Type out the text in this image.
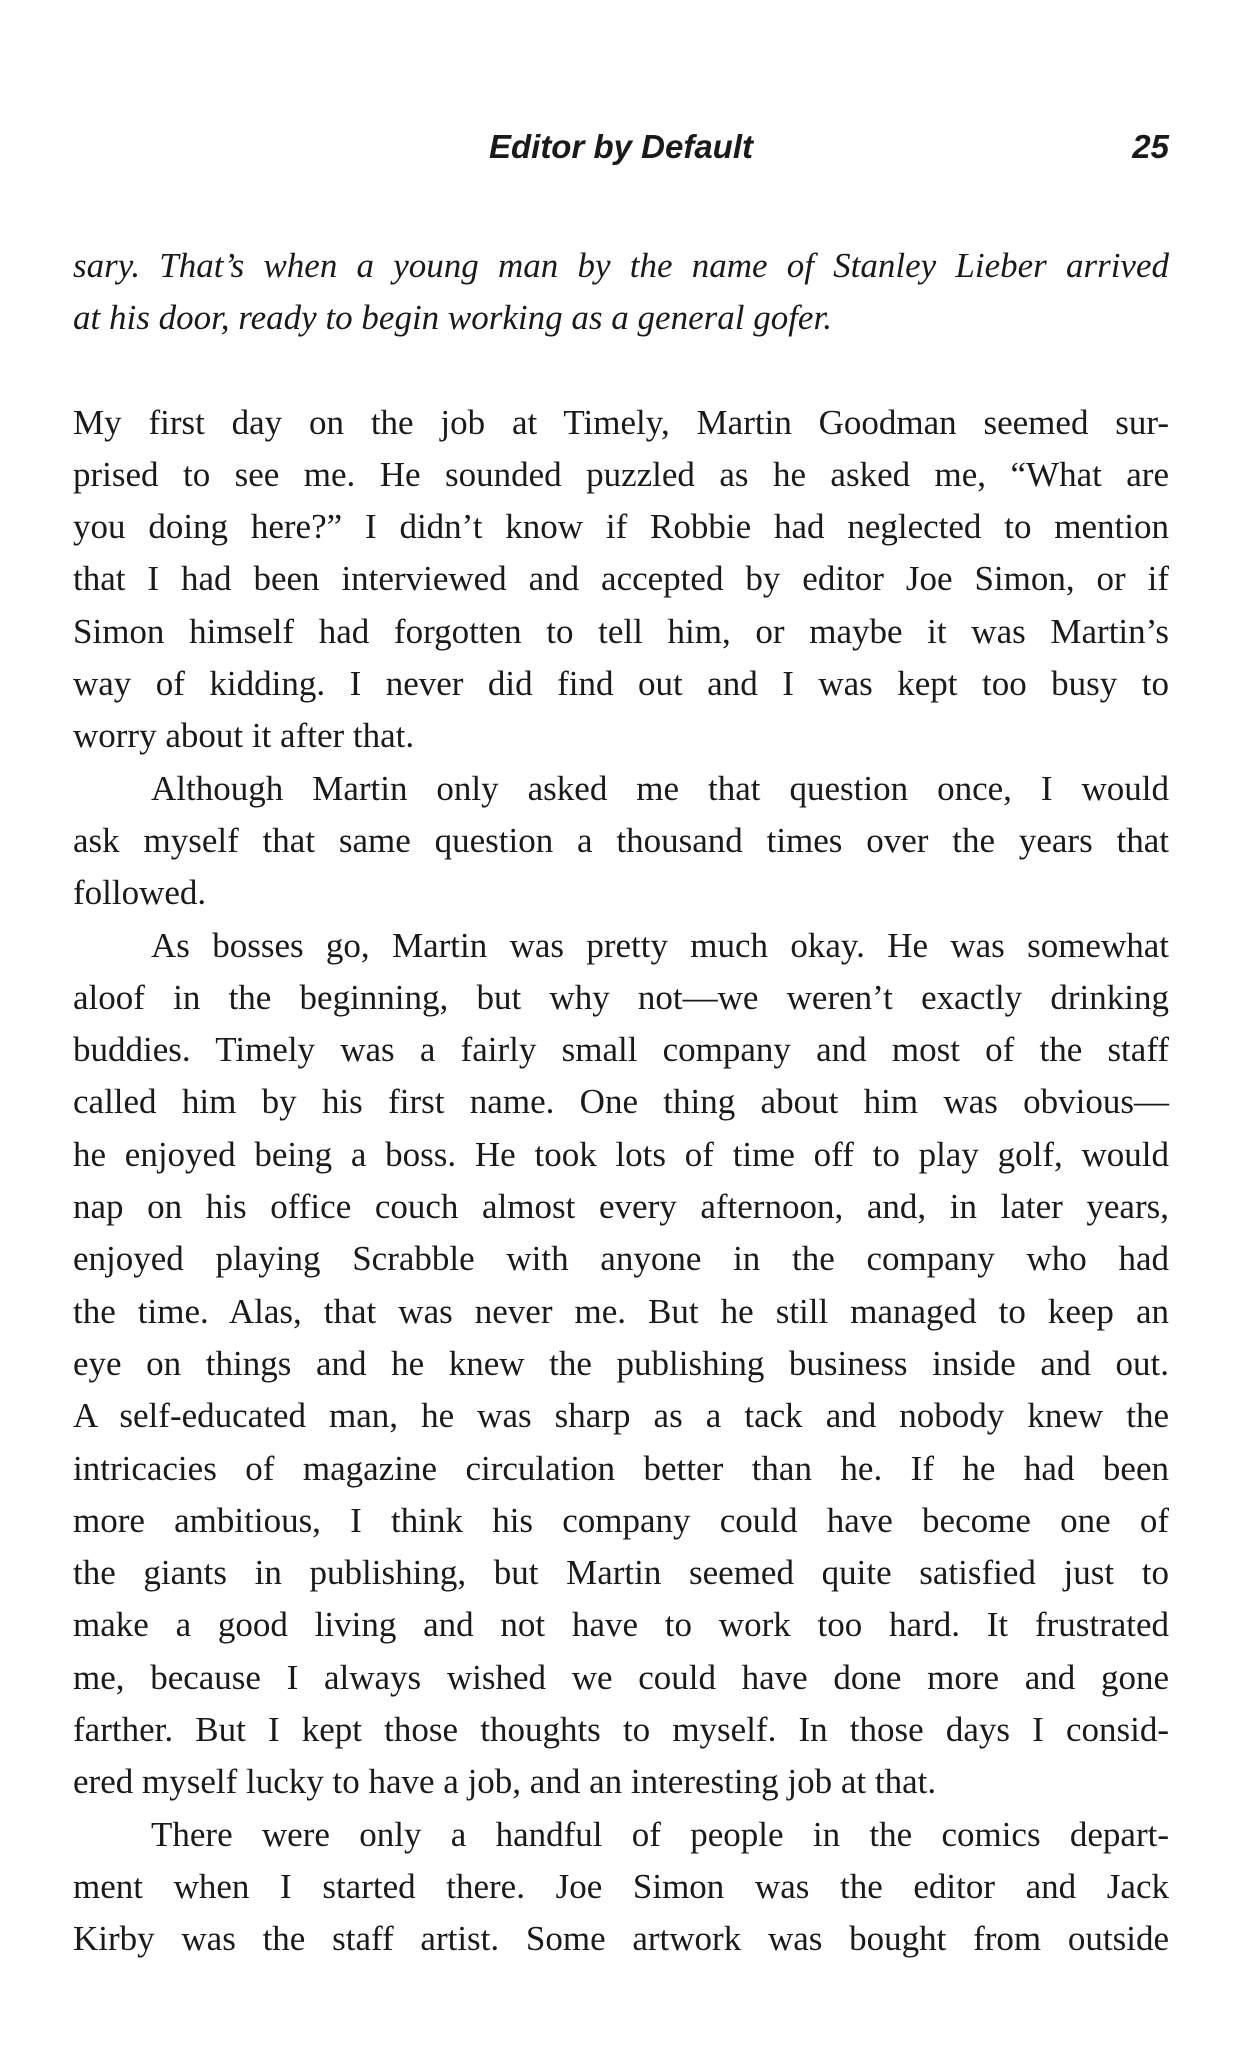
Editor by Default	25
sary. That’s when a young man by the name of Stanley Lieber arrived
at his door, ready to begin working as a general gofer.
My first day on the job at Timely, Martin Goodman seemed sur-
prised to see me. He sounded puzzled as he asked me, “What are
you doing here?” I didn’t know if Robbie had neglected to mention
that I had been interviewed and accepted by editor Joe Simon, or if
Simon himself had forgotten to tell him, or maybe it was Martin’s
way of kidding. I never did find out and I was kept too busy to
worry about it after that.
Although Martin only asked me that question once, I would
ask myself that same question a thousand times over the years that
followed.
As bosses go, Martin was pretty much okay. He was somewhat
aloof in the beginning, but why not—we weren’t exactly drinking
buddies. Timely was a fairly small company and most of the staff
called him by his first name. One thing about him was obvious—
he enjoyed being a boss. He took lots of time off to play golf, would
nap on his office couch almost every afternoon, and, in later years,
enjoyed playing Scrabble with anyone in the company who had
the time. Alas, that was never me. But he still managed to keep an
eye on things and he knew the publishing business inside and out.
A self-educated man, he was sharp as a tack and nobody knew the
intricacies of magazine circulation better than he. If he had been
more ambitious, I think his company could have become one of
the giants in publishing, but Martin seemed quite satisfied just to
make a good living and not have to work too hard. It frustrated
me, because I always wished we could have done more and gone
farther. But I kept those thoughts to myself. In those days I consid-
ered myself lucky to have a job, and an interesting job at that.
There were only a handful of people in the comics depart-
ment when I started there. Joe Simon was the editor and Jack
Kirby was the staff artist. Some artwork was bought from outside
